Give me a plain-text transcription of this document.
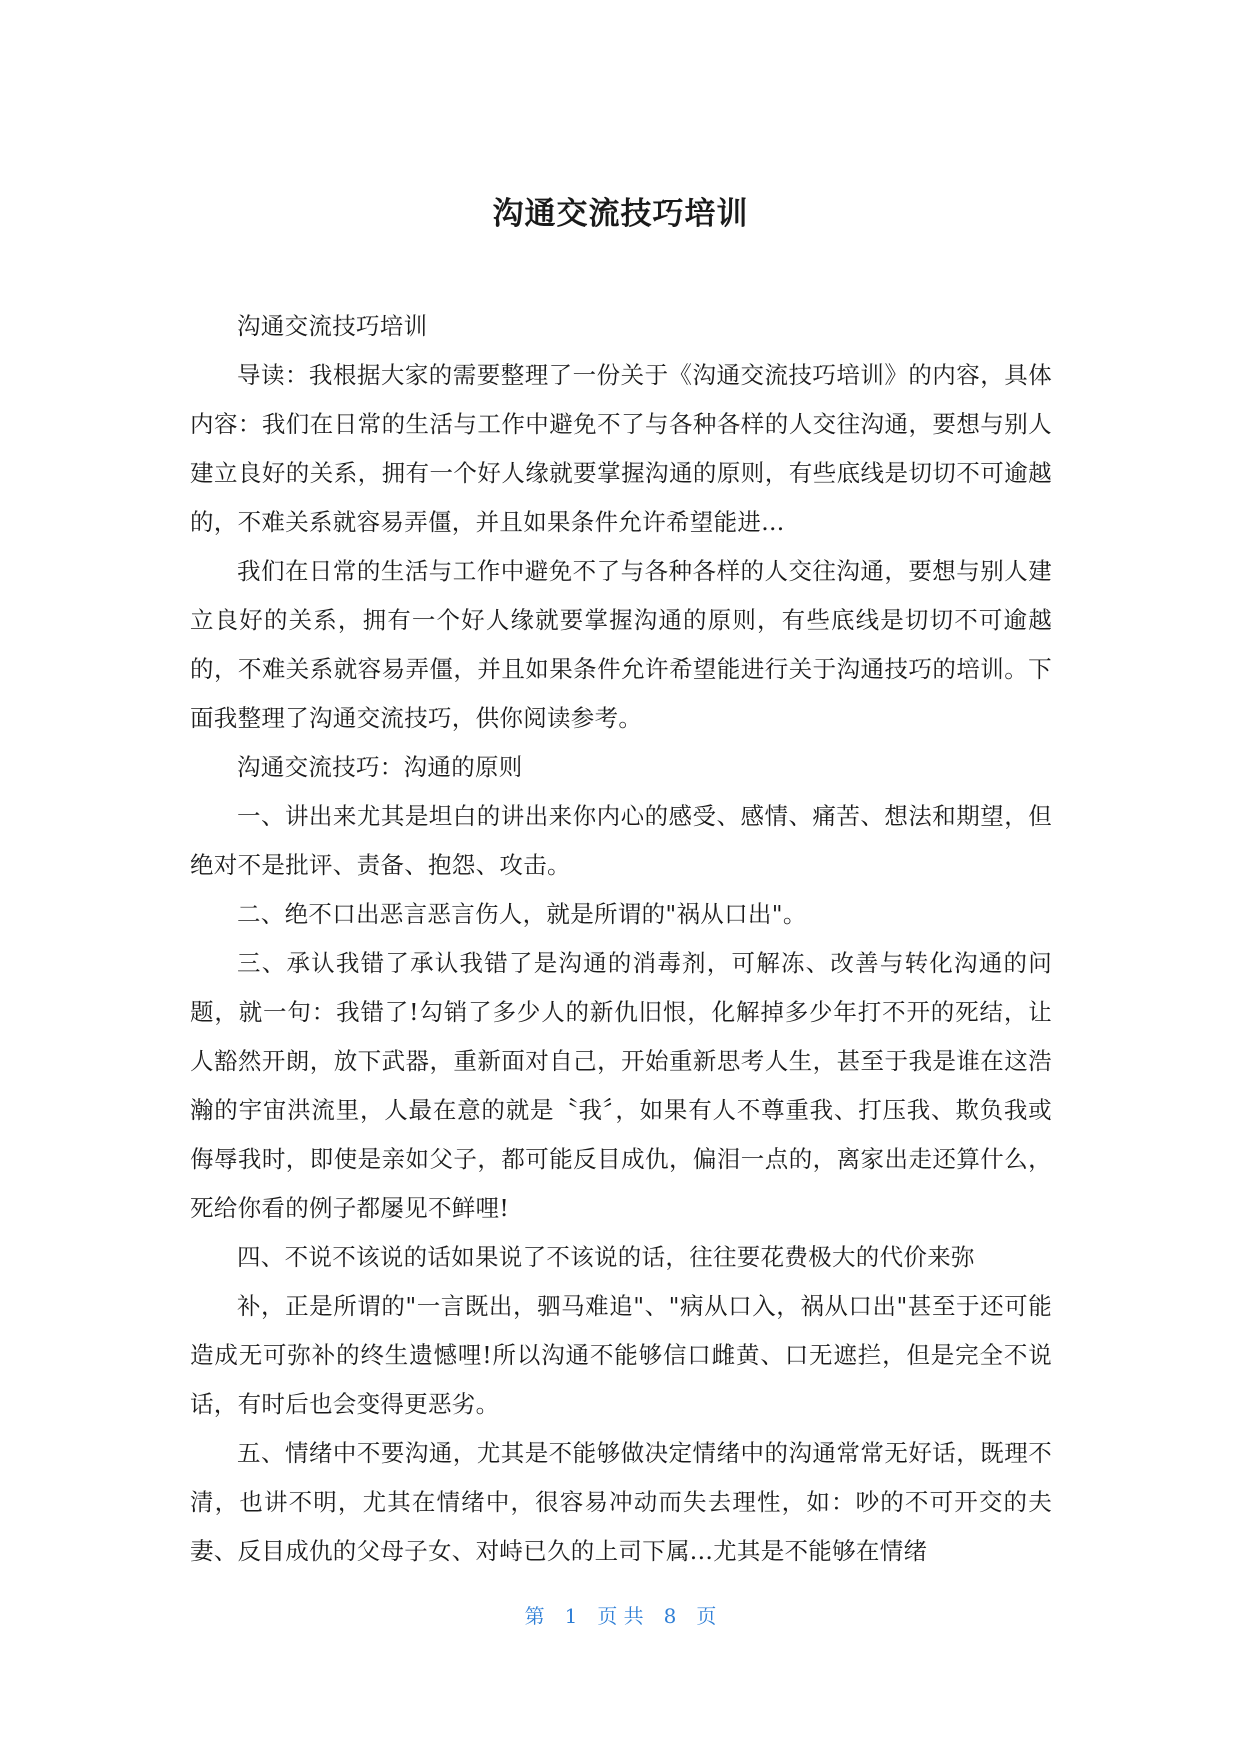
沟通交流技巧培训

沟通交流技巧培训

导读：我根据大家的需要整理了一份关于《沟通交流技巧培训》的内容，具体内容：我们在日常的生活与工作中避免不了与各种各样的人交往沟通，要想与别人建立良好的关系，拥有一个好人缘就要掌握沟通的原则，有些底线是切切不可逾越的，不难关系就容易弄僵，并且如果条件允许希望能进...

我们在日常的生活与工作中避免不了与各种各样的人交往沟通，要想与别人建立良好的关系，拥有一个好人缘就要掌握沟通的原则，有些底线是切切不可逾越的，不难关系就容易弄僵，并且如果条件允许希望能进行关于沟通技巧的培训。下面我整理了沟通交流技巧，供你阅读参考。

沟通交流技巧：沟通的原则

一、讲出来尤其是坦白的讲出来你内心的感受、感情、痛苦、想法和期望，但绝对不是批评、责备、抱怨、攻击。

二、绝不口出恶言恶言伤人，就是所谓的"祸从口出"。

三、承认我错了承认我错了是沟通的消毒剂，可解冻、改善与转化沟通的问题，就一句：我错了!勾销了多少人的新仇旧恨，化解掉多少年打不开的死结，让人豁然开朗，放下武器，重新面对自己，开始重新思考人生，甚至于我是谁在这浩瀚的宇宙洪流里，人最在意的就是〝我〞，如果有人不尊重我、打压我、欺负我或侮辱我时，即使是亲如父子，都可能反目成仇，偏泪一点的，离家出走还算什么，死给你看的例子都屡见不鲜哩!

四、不说不该说的话如果说了不该说的话，往往要花费极大的代价来弥

补，正是所谓的"一言既出，驷马难追"、"病从口入，祸从口出"甚至于还可能造成无可弥补的终生遗憾哩!所以沟通不能够信口雌黄、口无遮拦，但是完全不说话，有时后也会变得更恶劣。

五、情绪中不要沟通，尤其是不能够做决定情绪中的沟通常常无好话，既理不清，也讲不明，尤其在情绪中，很容易冲动而失去理性，如：吵的不可开交的夫妻、反目成仇的父母子女、对峙已久的上司下属...尤其是不能够在情绪

第 1 页 共 8 页
